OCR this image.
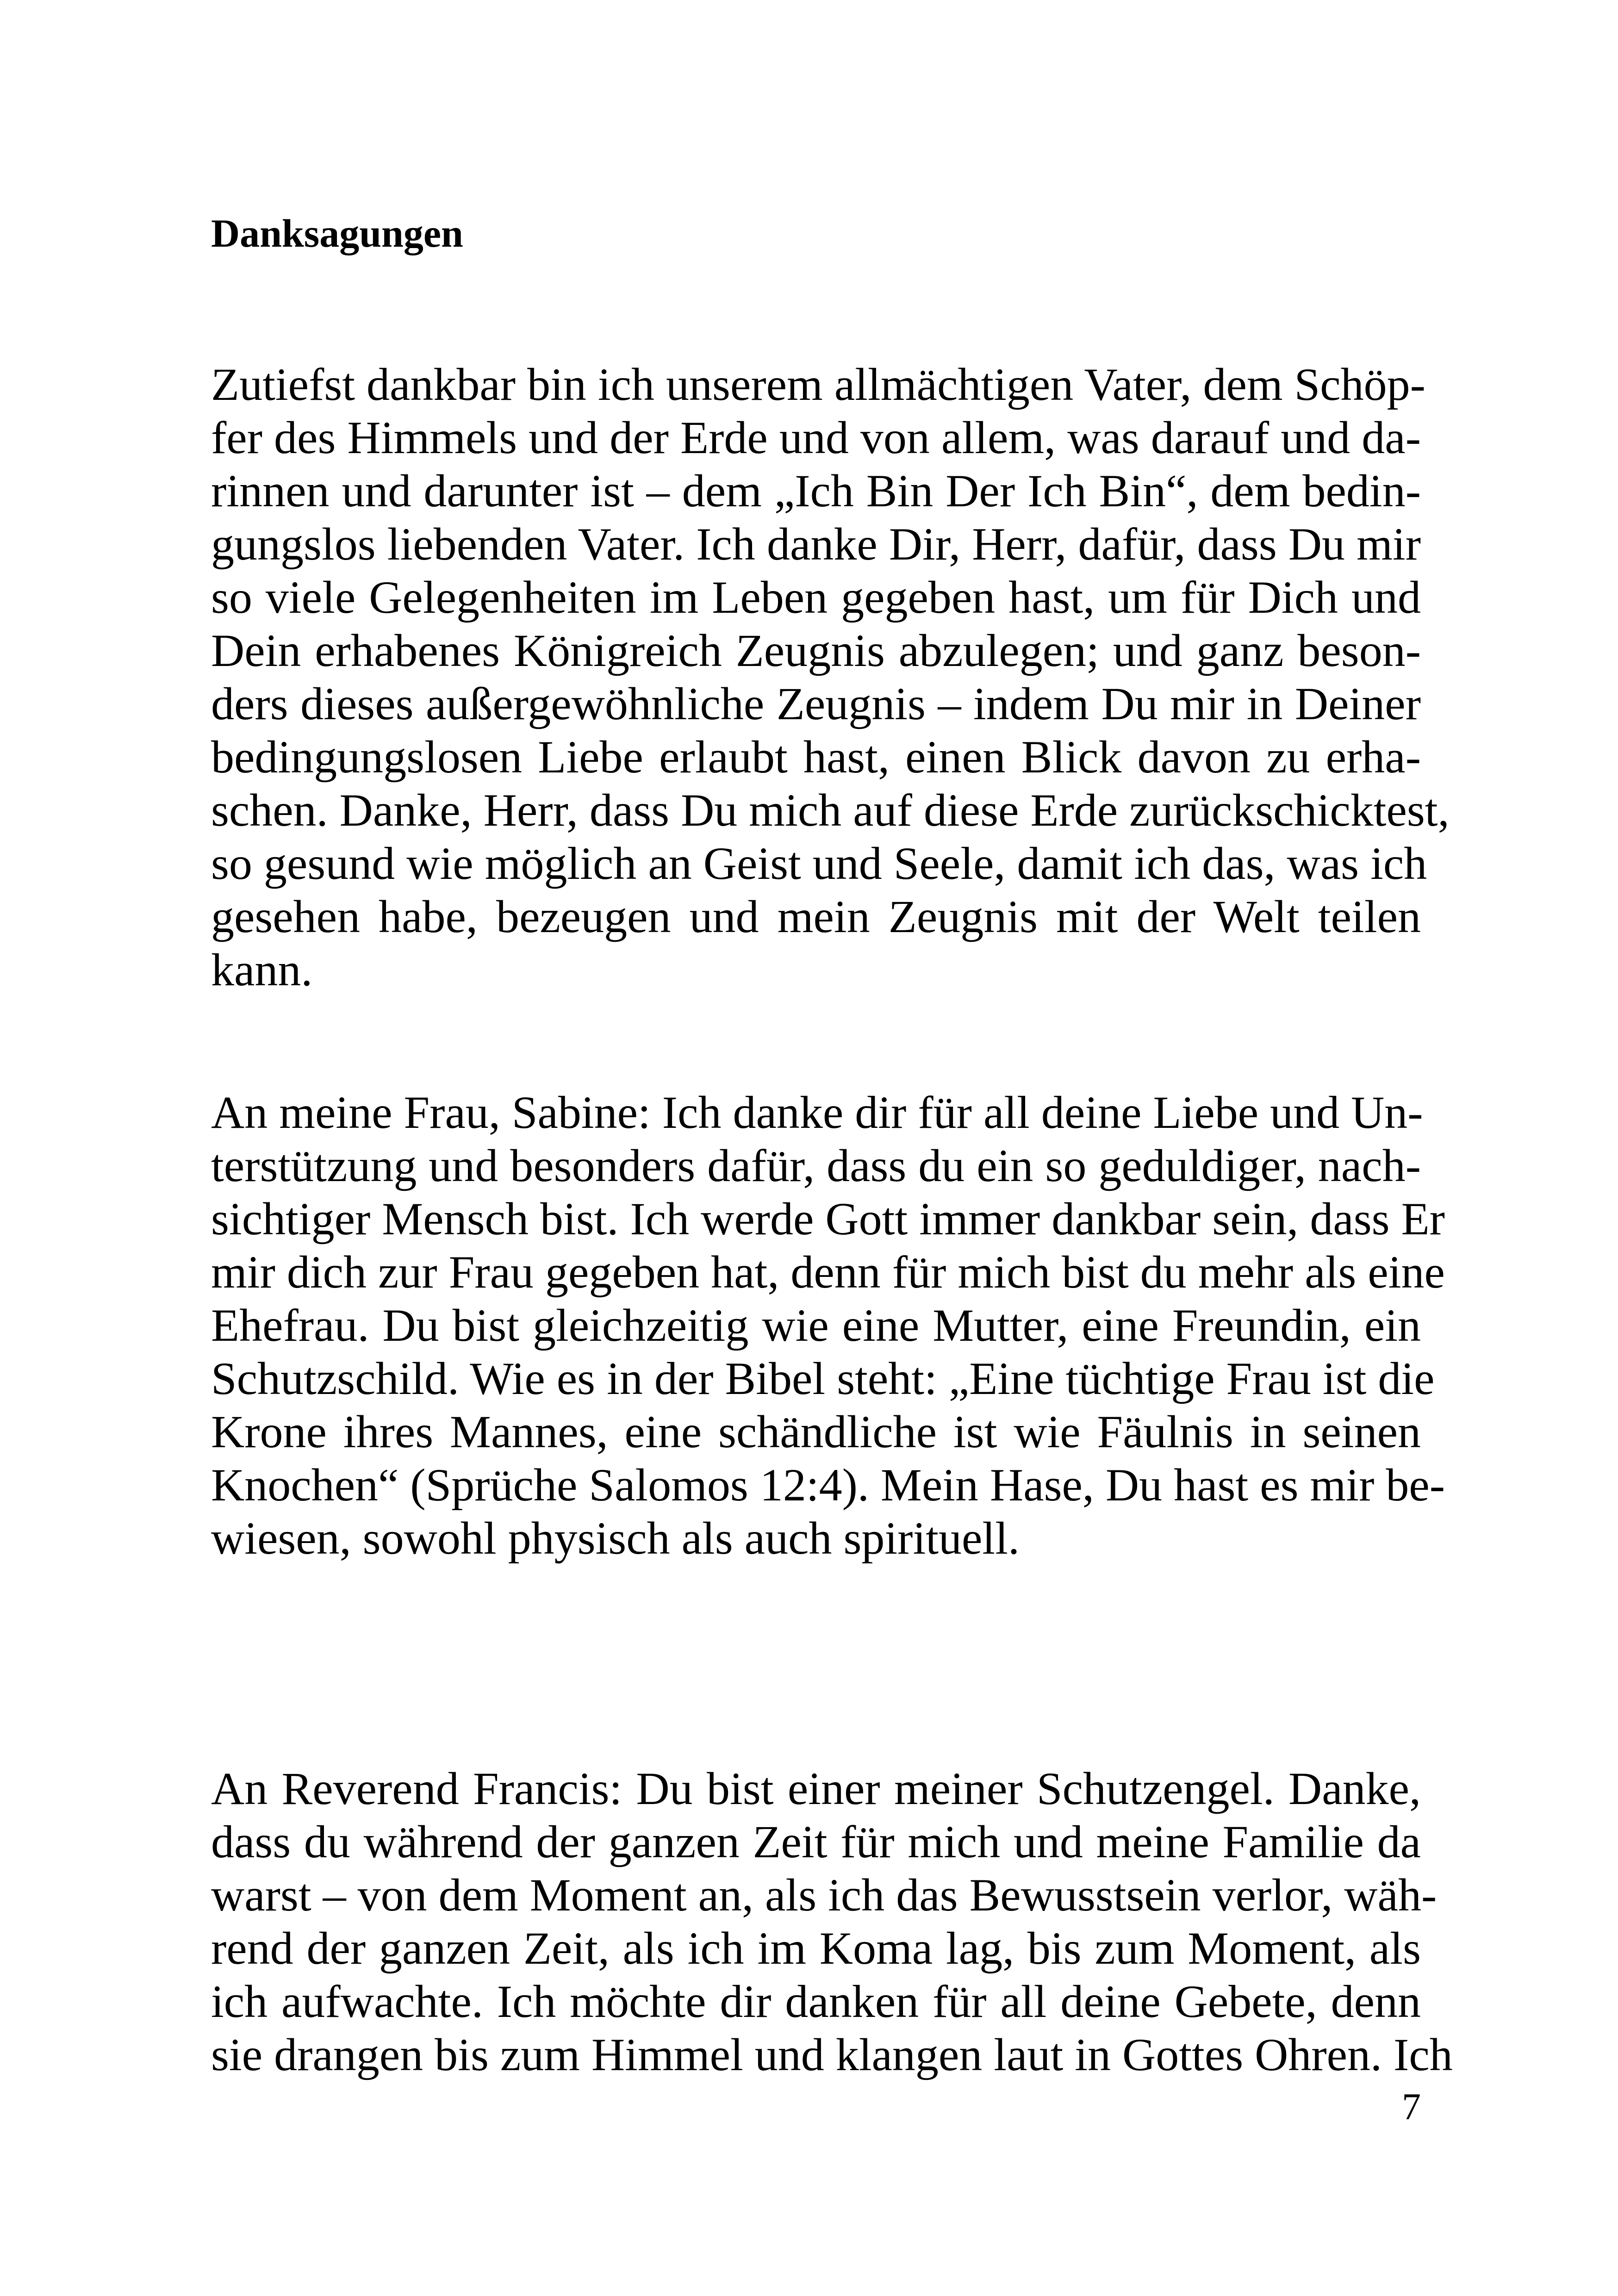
Danksagungen
Zutiefst dankbar bin ich unserem allmächtigen Vater, dem Schöp-
fer des Himmels und der Erde und von allem, was darauf und da-
rinnen und darunter ist – dem „Ich Bin Der Ich Bin“, dem bedin-
gungslos liebenden Vater. Ich danke Dir, Herr, dafür, dass Du mir
so viele Gelegenheiten im Leben gegeben hast, um für Dich und
Dein erhabenes Königreich Zeugnis abzulegen; und ganz beson-
ders dieses außergewöhnliche Zeugnis – indem Du mir in Deiner
bedingungslosen Liebe erlaubt hast, einen Blick davon zu erha-
schen. Danke, Herr, dass Du mich auf diese Erde zurückschicktest,
so gesund wie möglich an Geist und Seele, damit ich das, was ich
gesehen habe, bezeugen und mein Zeugnis mit der Welt teilen
kann.
An meine Frau, Sabine: Ich danke dir für all deine Liebe und Un-
terstützung und besonders dafür, dass du ein so geduldiger, nach-
sichtiger Mensch bist. Ich werde Gott immer dankbar sein, dass Er
mir dich zur Frau gegeben hat, denn für mich bist du mehr als eine
Ehefrau. Du bist gleichzeitig wie eine Mutter, eine Freundin, ein
Schutzschild. Wie es in der Bibel steht: „Eine tüchtige Frau ist die
Krone ihres Mannes, eine schändliche ist wie Fäulnis in seinen
Knochen“ (Sprüche Salomos 12:4). Mein Hase, Du hast es mir be-
wiesen, sowohl physisch als auch spirituell.
An Reverend Francis: Du bist einer meiner Schutzengel. Danke,
dass du während der ganzen Zeit für mich und meine Familie da
warst – von dem Moment an, als ich das Bewusstsein verlor, wäh-
rend der ganzen Zeit, als ich im Koma lag, bis zum Moment, als
ich aufwachte. Ich möchte dir danken für all deine Gebete, denn
sie drangen bis zum Himmel und klangen laut in Gottes Ohren. Ich

7
